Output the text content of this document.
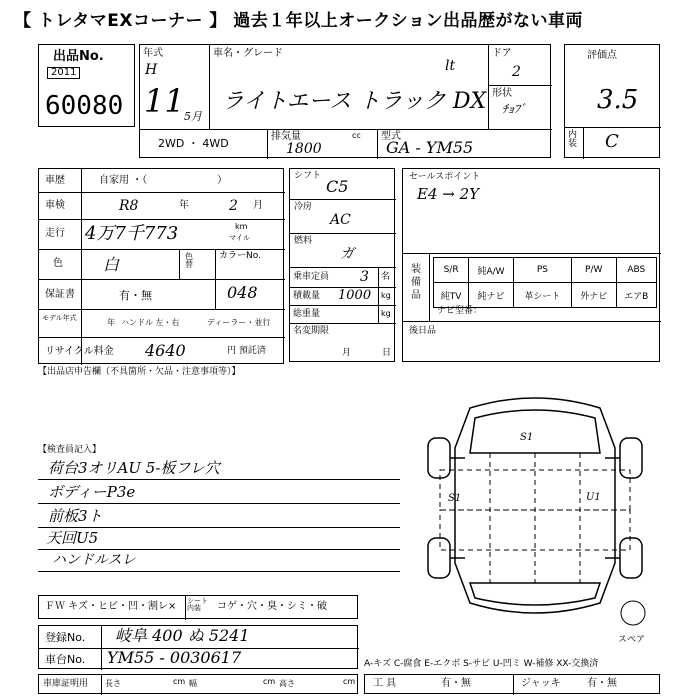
【 トレタマEXコーナー 】 過去１年以上オークション出品歴がない車両
出品No.
2011
60080
年式
H
11 5月
車名・グレード
lt
ライトエース トラック DX
ドア
2
形状
ﾁｮﾌﾞ
2WD ・ 4WD
排気量	cc
1800
型式
GA - YM55
評価点
3.5
内装 C
車歴	自家用 ・（　　　　　　　）
車検	R8	年	2 月
走行 4万7千773	km
マイル
色	白	色替
カラーNo.
048
保証書	有・無
モデル年式	年 ハンドル 左・右	ディーラー・並行
リサイクル料金 4640	円 預託済
シフト
C5
冷房
AC
燃料
ガ
乗車定員 3 名
積載量 1000 kg
総重量	kg
名変期限
月	日
セールスポイント
E4 → 2Y
装備品
S/R	純A/W	PS	P/W	ABS
純TV	純ナビ	革シート	外ナビ	エアB
ナビ型番：
後日品
【出品店申告欄（不具箇所・欠品・注意事項等）】
【検査員記入】
荷台3オリAU 5-板フレ穴
ボディーP3e
前板3ト
天回U5
ハンドルスレ
S1
S1	U1
スペア
ＦＷ キズ・ヒビ・凹・割レ× シート内装	コゲ・穴・臭・シミ・破
登録No. 岐阜 400 ぬ 5241
車台No. YM55 - 0030617
車庫証明用 長さ	cm 幅	cm 高さ	cm
A-キズ C-腐食 E-エクボ S-サビ U-凹ミ W-補修 XX-交換済
工 具	有・無	ジャッキ	有・無
